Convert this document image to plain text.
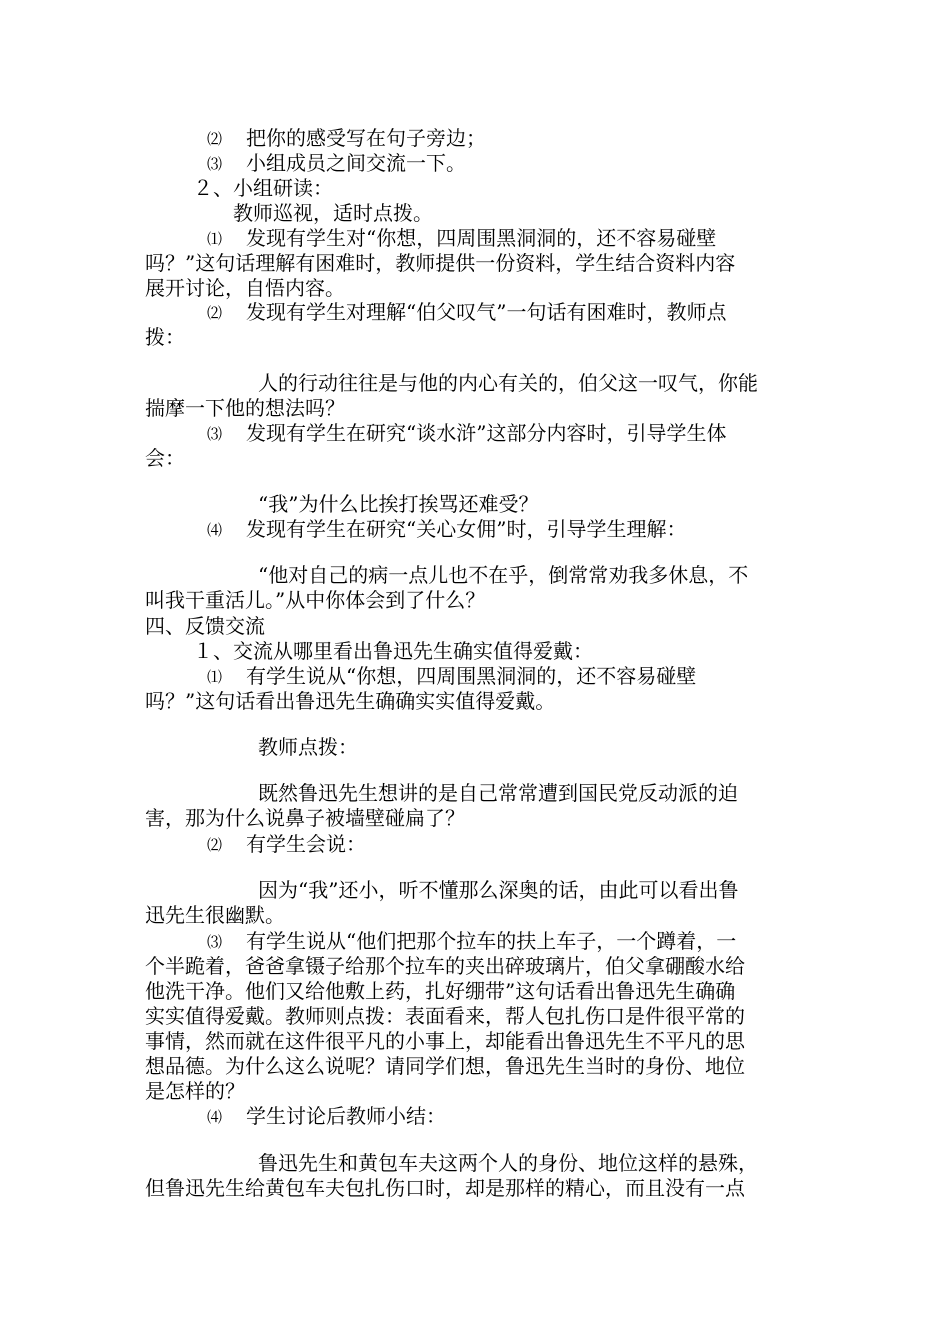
⑵ 把你的感受写在句子旁边；
⑶ 小组成员之间交流一下。
２、小组研读：
教师巡视，适时点拨。
⑴ 发现有学生对“你想，四周围黑洞洞的，还不容易碰壁
吗？”这句话理解有困难时，教师提供一份资料，学生结合资料内容
展开讨论，自悟内容。
⑵ 发现有学生对理解“伯父叹气”一句话有困难时，教师点
拨：
人的行动往往是与他的内心有关的，伯父这一叹气，你能
揣摩一下他的想法吗？
⑶ 发现有学生在研究“谈水浒”这部分内容时，引导学生体
会：
“我”为什么比挨打挨骂还难受？
⑷ 发现有学生在研究“关心女佣”时，引导学生理解：
“他对自己的病一点儿也不在乎，倒常常劝我多休息，不
叫我干重活儿。”从中你体会到了什么？
四、反馈交流
１、交流从哪里看出鲁迅先生确实值得爱戴：
⑴ 有学生说从“你想，四周围黑洞洞的，还不容易碰壁
吗？”这句话看出鲁迅先生确确实实值得爱戴。
教师点拨：
既然鲁迅先生想讲的是自己常常遭到国民党反动派的迫
害，那为什么说鼻子被墙壁碰扁了？
⑵ 有学生会说：
因为“我”还小，听不懂那么深奥的话，由此可以看出鲁
迅先生很幽默。
⑶ 有学生说从“他们把那个拉车的扶上车子，一个蹲着，一
个半跪着，爸爸拿镊子给那个拉车的夹出碎玻璃片，伯父拿硼酸水给
他洗干净。他们又给他敷上药，扎好绷带”这句话看出鲁迅先生确确
实实值得爱戴。教师则点拨：表面看来，帮人包扎伤口是件很平常的
事情，然而就在这件很平凡的小事上，却能看出鲁迅先生不平凡的思
想品德。为什么这么说呢？请同学们想，鲁迅先生当时的身份、地位
是怎样的？
⑷ 学生讨论后教师小结：
鲁迅先生和黄包车夫这两个人的身份、地位这样的悬殊，
但鲁迅先生给黄包车夫包扎伤口时，却是那样的精心，而且没有一点
